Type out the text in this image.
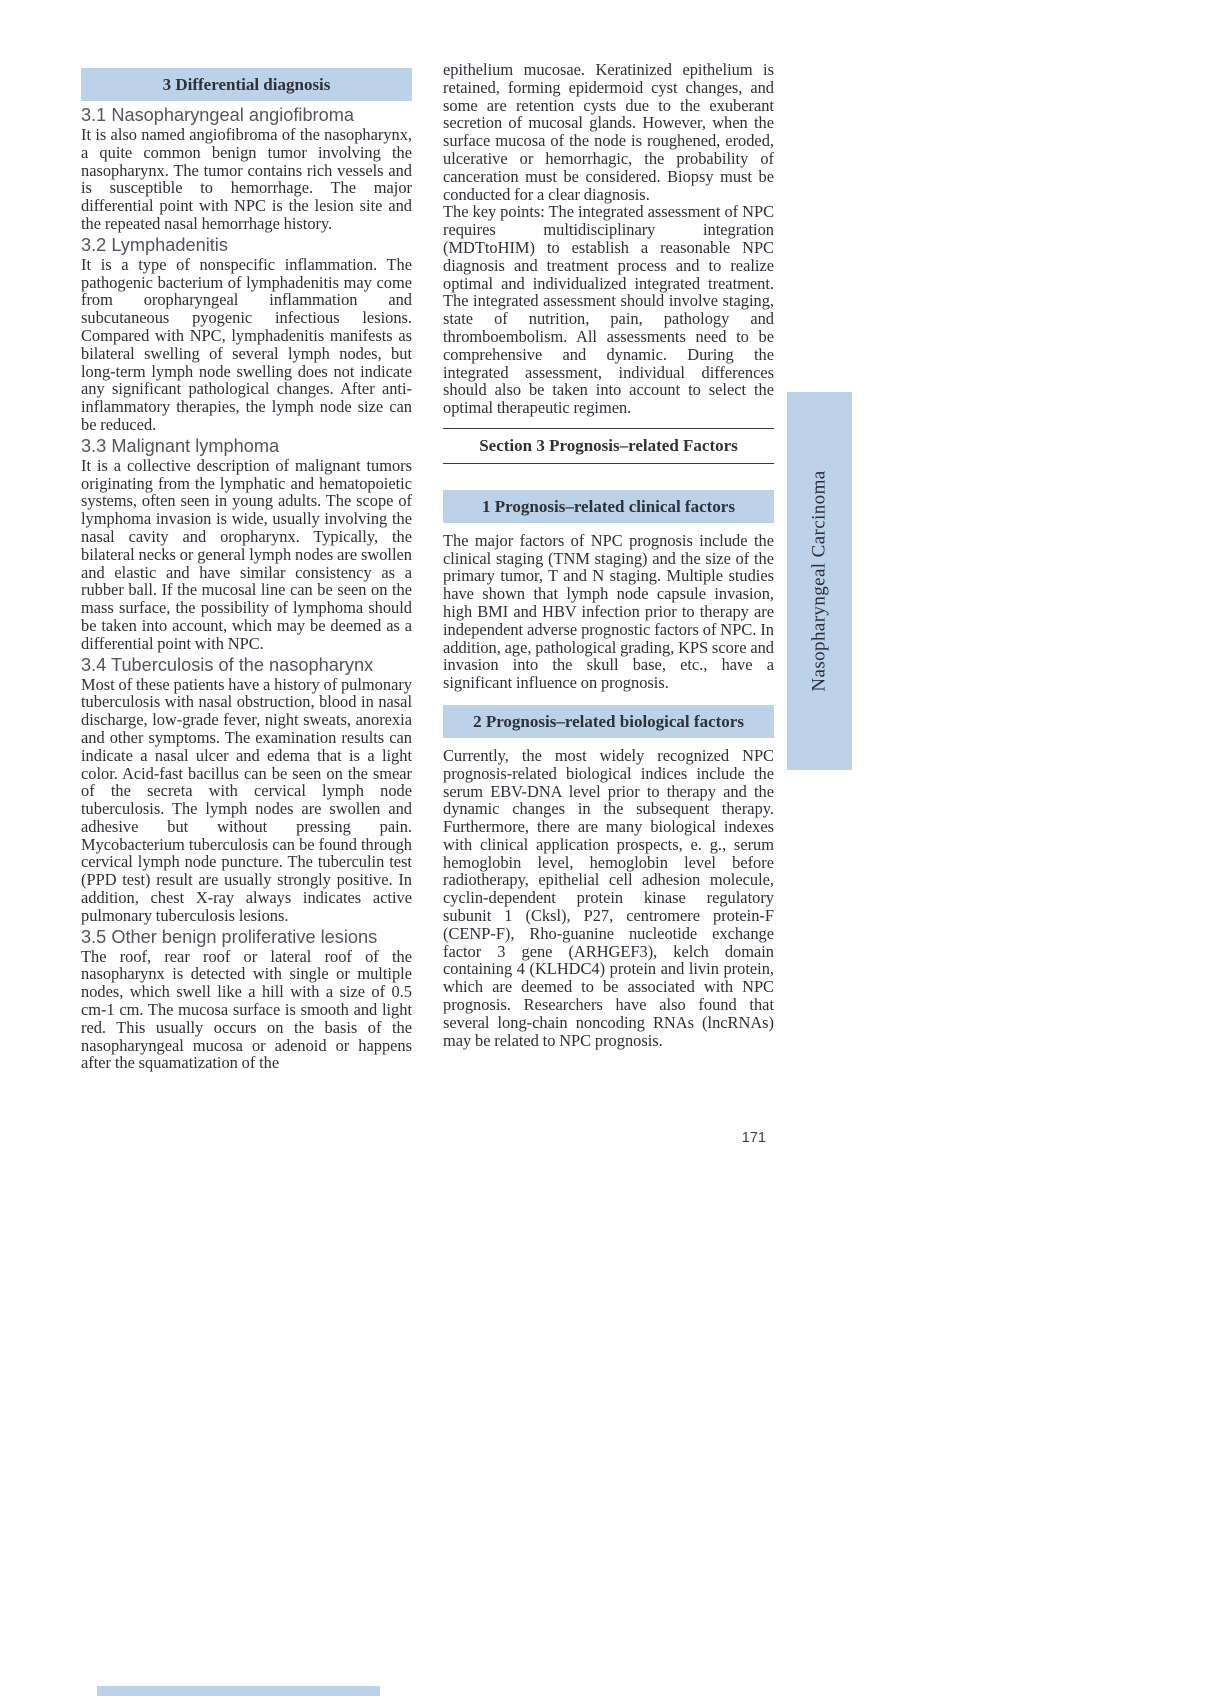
3 Differential diagnosis
3.1 Nasopharyngeal angiofibroma

It is also named angiofibroma of the nasopharynx, a quite common benign tumor involving the nasopharynx. The tumor contains rich vessels and is susceptible to hemorrhage. The major differential point with NPC is the lesion site and the repeated nasal hemorrhage history.

3.2 Lymphadenitis

It is a type of nonspecific inflammation. The pathogenic bacterium of lymphadenitis may come from oropharyngeal inflammation and subcutaneous pyogenic infectious lesions. Compared with NPC, lymphadenitis manifests as bilateral swelling of several lymph nodes, but long-term lymph node swelling does not indicate any significant pathological changes. After anti-inflammatory therapies, the lymph node size can be reduced.

3.3 Malignant lymphoma

It is a collective description of malignant tumors originating from the lymphatic and hematopoietic systems, often seen in young adults. The scope of lymphoma invasion is wide, usually involving the nasal cavity and oropharynx. Typically, the bilateral necks or general lymph nodes are swollen and elastic and have similar consistency as a rubber ball. If the mucosal line can be seen on the mass surface, the possibility of lymphoma should be taken into account, which may be deemed as a differential point with NPC.

3.4 Tuberculosis of the nasopharynx

Most of these patients have a history of pulmonary tuberculosis with nasal obstruction, blood in nasal discharge, low-grade fever, night sweats, anorexia and other symptoms. The examination results can indicate a nasal ulcer and edema that is a light color. Acid-fast bacillus can be seen on the smear of the secreta with cervical lymph node tuberculosis. The lymph nodes are swollen and adhesive but without pressing pain. Mycobacterium tuberculosis can be found through cervical lymph node puncture. The tuberculin test (PPD test) result are usually strongly positive. In addition, chest X-ray always indicates active pulmonary tuberculosis lesions.

3.5 Other benign proliferative lesions

The roof, rear roof or lateral roof of the nasopharynx is detected with single or multiple nodes, which swell like a hill with a size of 0.5 cm-1 cm. The mucosa surface is smooth and light red. This usually occurs on the basis of the nasopharyngeal mucosa or adenoid or happens after the squamatization of the

epithelium mucosae. Keratinized epithelium is retained, forming epidermoid cyst changes, and some are retention cysts due to the exuberant secretion of mucosal glands. However, when the surface mucosa of the node is roughened, eroded, ulcerative or hemorrhagic, the probability of canceration must be considered. Biopsy must be conducted for a clear diagnosis.

The key points: The integrated assessment of NPC requires multidisciplinary integration (MDTtoHIM) to establish a reasonable NPC diagnosis and treatment process and to realize optimal and individualized integrated treatment. The integrated assessment should involve staging, state of nutrition, pain, pathology and thromboembolism. All assessments need to be comprehensive and dynamic. During the integrated assessment, individual differences should also be taken into account to select the optimal therapeutic regimen.

Section 3 Prognosis–related Factors
1 Prognosis–related clinical factors

The major factors of NPC prognosis include the clinical staging (TNM staging) and the size of the primary tumor, T and N staging. Multiple studies have shown that lymph node capsule invasion, high BMI and HBV infection prior to therapy are independent adverse prognostic factors of NPC. In addition, age, pathological grading, KPS score and invasion into the skull base, etc., have a significant influence on prognosis.

2 Prognosis–related biological factors

Currently, the most widely recognized NPC prognosis-related biological indices include the serum EBV-DNA level prior to therapy and the dynamic changes in the subsequent therapy. Furthermore, there are many biological indexes with clinical application prospects, e. g., serum hemoglobin level, hemoglobin level before radiotherapy, epithelial cell adhesion molecule, cyclin-dependent protein kinase regulatory subunit 1 (Cksl), P27, centromere protein-F (CENP-F), Rho-guanine nucleotide exchange factor 3 gene (ARHGEF3), kelch domain containing 4 (KLHDC4) protein and livin protein, which are deemed to be associated with NPC prognosis. Researchers have also found that several long-chain noncoding RNAs (lncRNAs) may be related to NPC prognosis.

Nasopharyngeal Carcinoma
171
